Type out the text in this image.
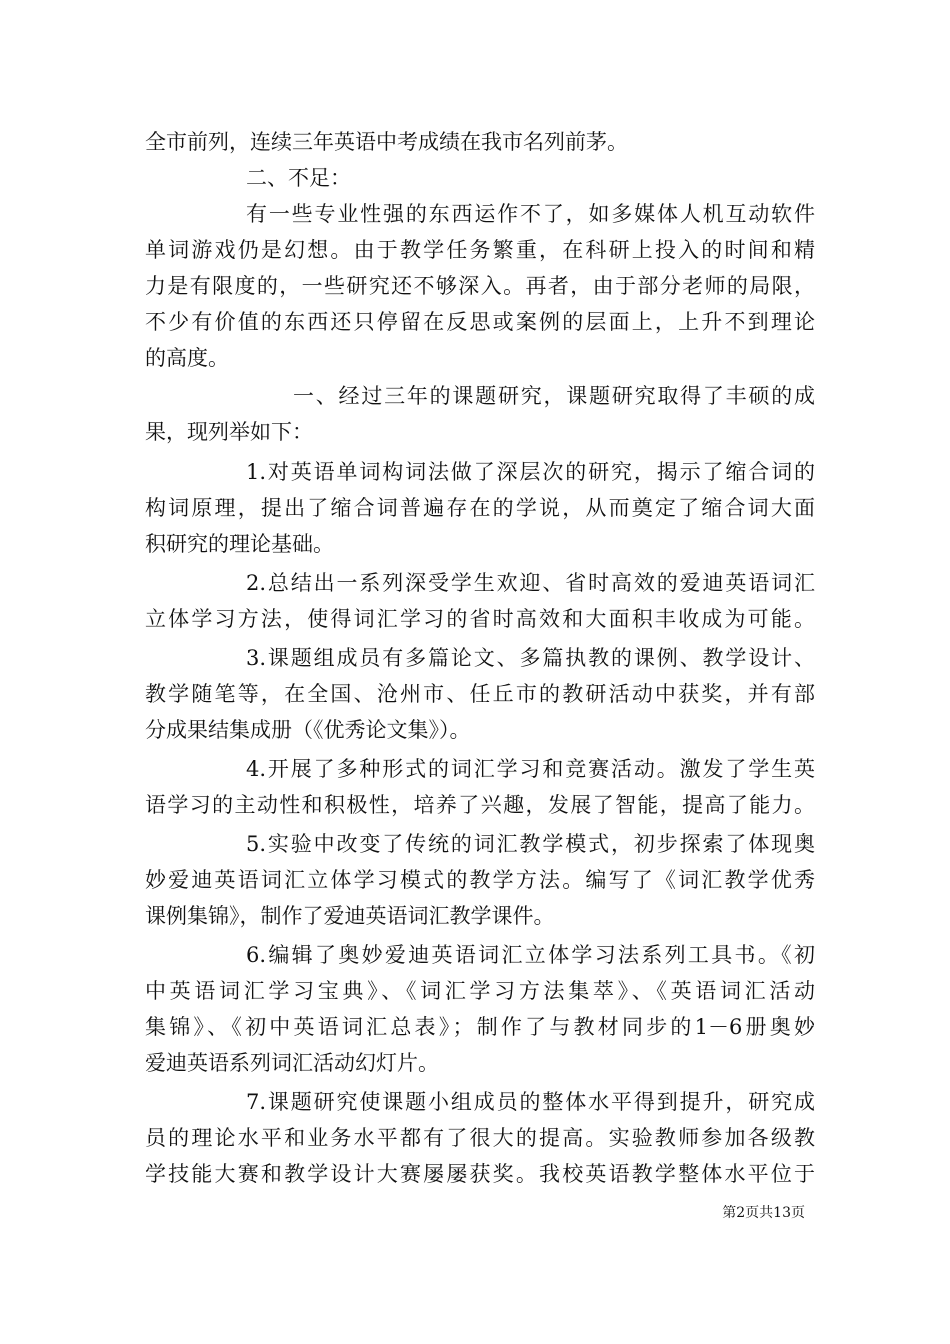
全市前列，连续三年英语中考成绩在我市名列前茅。
二、不足：
有一些专业性强的东西运作不了，如多媒体人机互动软件
单词游戏仍是幻想。由于教学任务繁重，在科研上投入的时间和精
力是有限度的，一些研究还不够深入。再者，由于部分老师的局限，
不少有价值的东西还只停留在反思或案例的层面上，上升不到理论
的高度。
一、经过三年的课题研究，课题研究取得了丰硕的成
果，现列举如下：
1.对英语单词构词法做了深层次的研究，揭示了缩合词的
构词原理，提出了缩合词普遍存在的学说，从而奠定了缩合词大面
积研究的理论基础。
2.总结出一系列深受学生欢迎、省时高效的爱迪英语词汇
立体学习方法，使得词汇学习的省时高效和大面积丰收成为可能。
3.课题组成员有多篇论文、多篇执教的课例、教学设计、
教学随笔等，在全国、沧州市、任丘市的教研活动中获奖，并有部
分成果结集成册（《优秀论文集》）。
4.开展了多种形式的词汇学习和竞赛活动。激发了学生英
语学习的主动性和积极性，培养了兴趣，发展了智能，提高了能力。
5.实验中改变了传统的词汇教学模式，初步探索了体现奥
妙爱迪英语词汇立体学习模式的教学方法。编写了《词汇教学优秀
课例集锦》，制作了爱迪英语词汇教学课件。
6.编辑了奥妙爱迪英语词汇立体学习法系列工具书。《初
中英语词汇学习宝典》、《词汇学习方法集萃》、《英语词汇活动
集锦》、《初中英语词汇总表》；制作了与教材同步的1－6册奥妙
爱迪英语系列词汇活动幻灯片。
7.课题研究使课题小组成员的整体水平得到提升，研究成
员的理论水平和业务水平都有了很大的提高。实验教师参加各级教
学技能大赛和教学设计大赛屡屡获奖。我校英语教学整体水平位于
第2页共13页
